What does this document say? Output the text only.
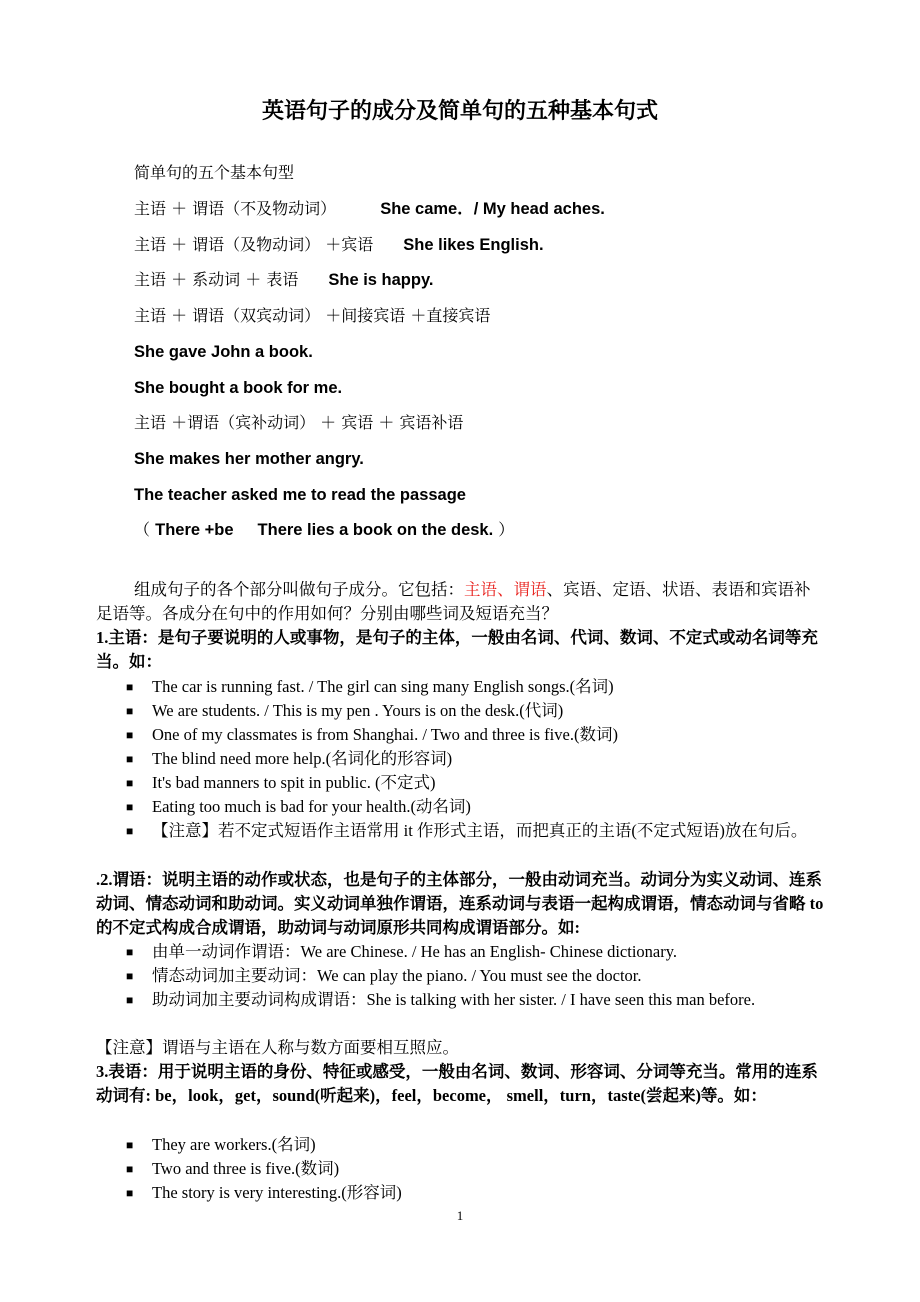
英语句子的成分及简单句的五种基本句式
简单句的五个基本句型
主语 ＋ 谓语（不及物动词）	She came．/ My head aches.
主语 ＋ 谓语（及物动词） ＋宾语 She likes English.
主语 ＋ 系动词 ＋ 表语 She is happy.
主语 ＋ 谓语（双宾动词） ＋间接宾语 ＋直接宾语
She gave John a book.
She bought a book for me.
主语 ＋谓语（宾补动词） ＋ 宾语 ＋ 宾语补语
She makes her mother angry.
The teacher asked me to read the passage
（ There +be There lies a book on the desk. ）
组成句子的各个部分叫做句子成分。它包括：主语、谓语、宾语、定语、状语、表语和宾语补足语等。各成分在句中的作用如何？分别由哪些词及短语充当？
1.主语：是句子要说明的人或事物，是句子的主体，一般由名词、代词、数词、不定式或动名词等充当。如：
■ The car is running fast. / The girl can sing many English songs.(名词)
■ We are students. / This is my pen . Yours is on the desk.(代词)
■ One of my classmates is from Shanghai. / Two and three is five.(数词)
■ The blind need more help.(名词化的形容词)
■ It's bad manners to spit in public. (不定式)
■ Eating too much is bad for your health.(动名词)
■ 【注意】若不定式短语作主语常用 it 作形式主语，而把真正的主语(不定式短语)放在句后。
.2.谓语：说明主语的动作或状态，也是句子的主体部分，一般由动词充当。动词分为实义动词、连系动词、情态动词和助动词。实义动词单独作谓语，连系动词与表语一起构成谓语，情态动词与省略 to 的不定式构成合成谓语，助动词与动词原形共同构成谓语部分。如:
■ 由单一动词作谓语：We are Chinese. / He has an English- Chinese dictionary.
■ 情态动词加主要动词：We can play the piano. / You must see the doctor.
■ 助动词加主要动词构成谓语：She is talking with her sister. / I have seen this man before.
【注意】谓语与主语在人称与数方面要相互照应。
3.表语：用于说明主语的身份、特征或感受，一般由名词、数词、形容词、分词等充当。常用的连系动词有: be，look，get，sound(听起来)，feel，become， smell，turn，taste(尝起来)等。如：
■ They are workers.(名词)
■ Two and three is five.(数词)
■ The story is very interesting.(形容词)
1
